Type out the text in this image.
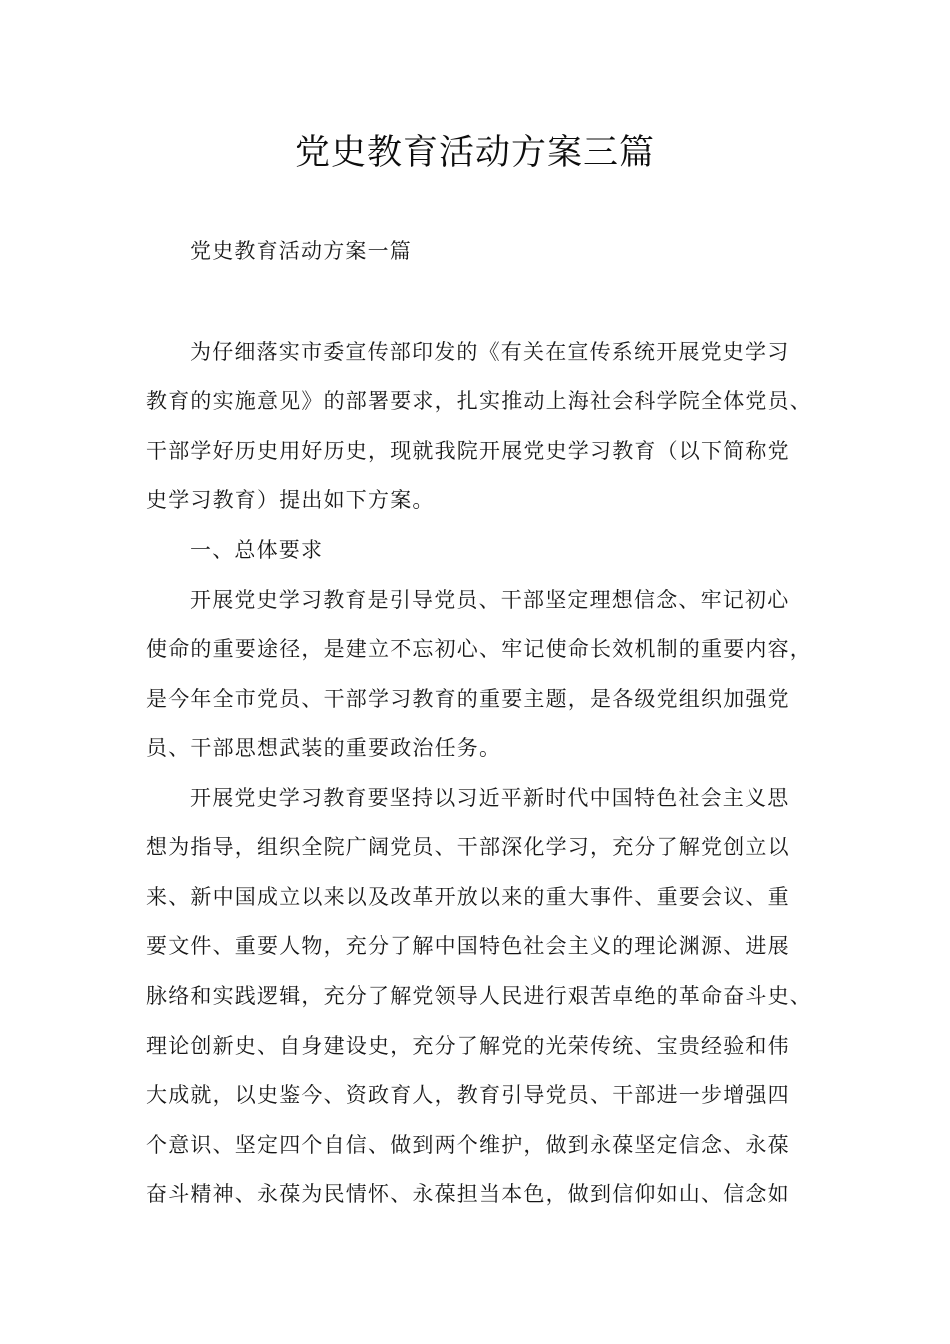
党史教育活动方案三篇
党史教育活动方案一篇
为仔细落实市委宣传部印发的《有关在宣传系统开展党史学习
教育的实施意见》的部署要求，扎实推动上海社会科学院全体党员、
干部学好历史用好历史，现就我院开展党史学习教育（以下简称党
史学习教育）提出如下方案。
一、总体要求
开展党史学习教育是引导党员、干部坚定理想信念、牢记初心
使命的重要途径，是建立不忘初心、牢记使命长效机制的重要内容，
是今年全市党员、干部学习教育的重要主题，是各级党组织加强党
员、干部思想武装的重要政治任务。
开展党史学习教育要坚持以习近平新时代中国特色社会主义思
想为指导，组织全院广阔党员、干部深化学习，充分了解党创立以
来、新中国成立以来以及改革开放以来的重大事件、重要会议、重
要文件、重要人物，充分了解中国特色社会主义的理论渊源、进展
脉络和实践逻辑，充分了解党领导人民进行艰苦卓绝的革命奋斗史、
理论创新史、自身建设史，充分了解党的光荣传统、宝贵经验和伟
大成就，以史鉴今、资政育人，教育引导党员、干部进一步增强四
个意识、坚定四个自信、做到两个维护，做到永葆坚定信念、永葆
奋斗精神、永葆为民情怀、永葆担当本色，做到信仰如山、信念如
